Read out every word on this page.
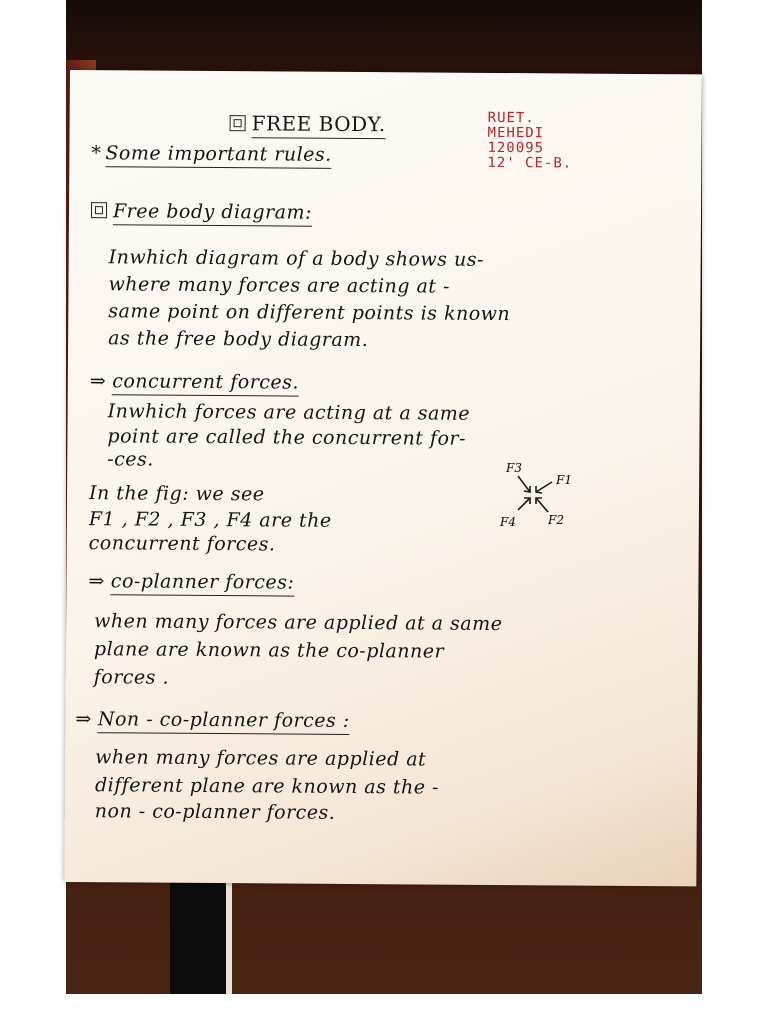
FREE BODY.	RUET.
MEHEDI
120095
12' CE-B.
* Some important rules.
Free body diagram:
Inwhich diagram of a body shows us-
where many forces are acting at -
same point on different points is known
as the free body diagram.
⇒ concurrent forces.
Inwhich forces are acting at a same
point are called the concurrent for-
-ces.
In the fig: we see
F1 , F2 , F3 , F4 are the
concurrent forces.
⇒ co-planner forces:
when many forces are applied at a same
plane are known as the co-planner
forces .
⇒ Non - co-planner forces :
when many forces are applied at
different plane are known as the -
non - co-planner forces.
F3
F1
F4	F2
